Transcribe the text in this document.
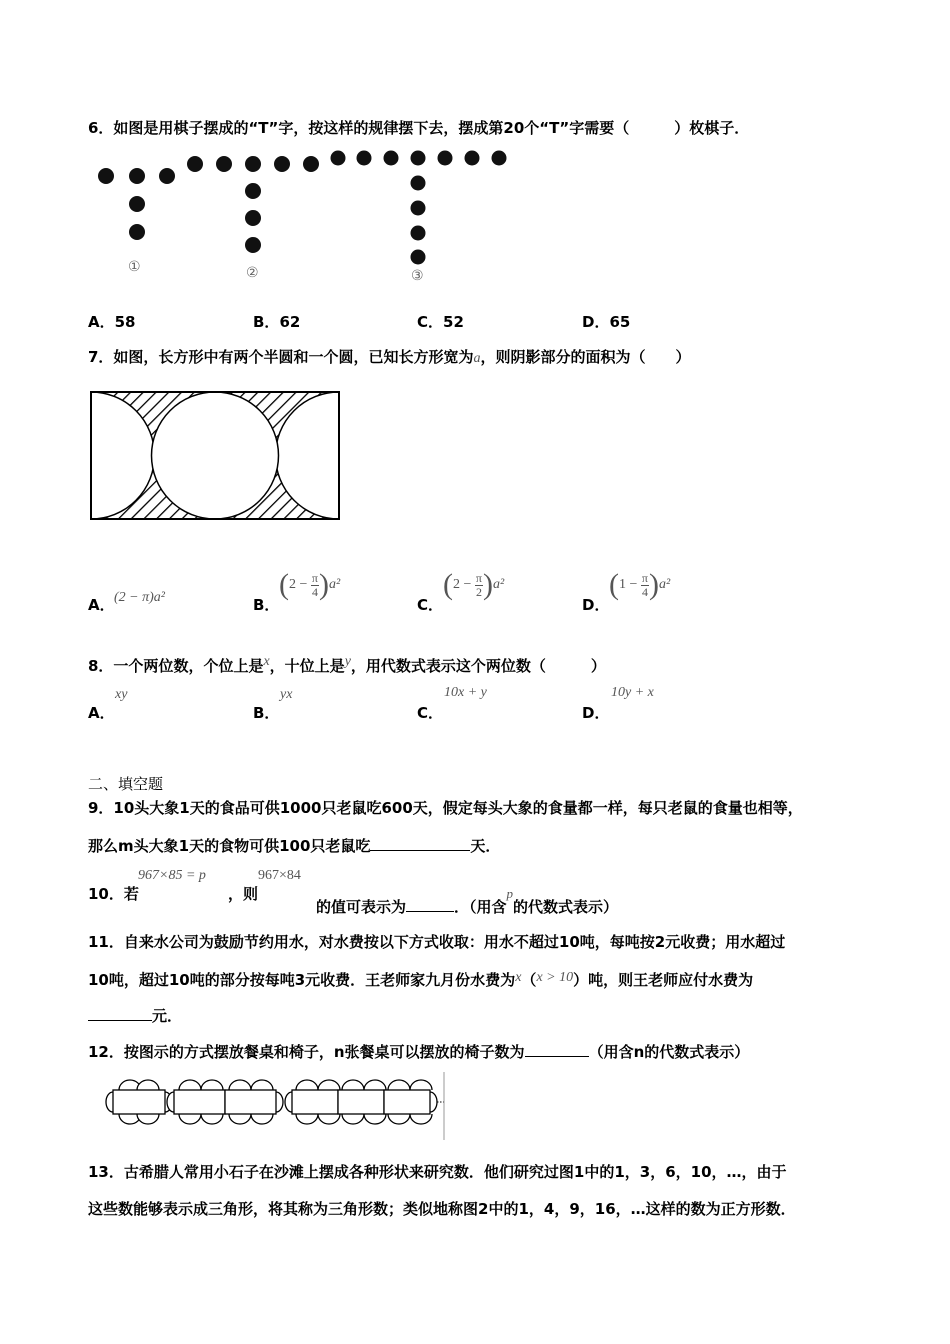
6．如图是用棋子摆成的“T”字，按这样的规律摆下去，摆成第20个“T”字需要（　　　）枚棋子．
①	②	③
A．58	B．62	C．52	D．65
7．如图，长方形中有两个半圆和一个圆，已知长方形宽为a，则阴影部分的面积为（　　）
A． (2 − π)a²	B．
$(2 - \frac{\pi}{4} )a^2$
C．
$(2 - \frac{\pi}{2} )a^2$
D．
$(1 - \frac{\pi}{4} )a^2$
8．一个两位数，个位上是x，十位上是y，用代数式表示这个两位数（　　　）
A．
xy
B．
yx
C．
10x + y
D．
10y + x
二、填空题
9．10头大象1天的食品可供1000只老鼠吃600天，假定每头大象的食量都一样，每只老鼠的食量也相等，
那么m头大象1天的食物可供100只老鼠吃	天．
10．若
967×85 = p
，则
967×84
的值可表示为	．（用含p的代数式表示）
11．自来水公司为鼓励节约用水，对水费按以下方式收取：用水不超过10吨，每吨按2元收费；用水超过
10吨，超过10吨的部分按每吨3元收费．王老师家九月份水费为x（x > 10）吨，则王老师应付水费为
元．
12．按图示的方式摆放餐桌和椅子，n张餐桌可以摆放的椅子数为	（用含n的代数式表示）
13．古希腊人常用小石子在沙滩上摆成各种形状来研究数．他们研究过图1中的1，3，6，10，…，由于
这些数能够表示成三角形，将其称为三角形数；类似地称图2中的1，4，9，16，…这样的数为正方形数．
